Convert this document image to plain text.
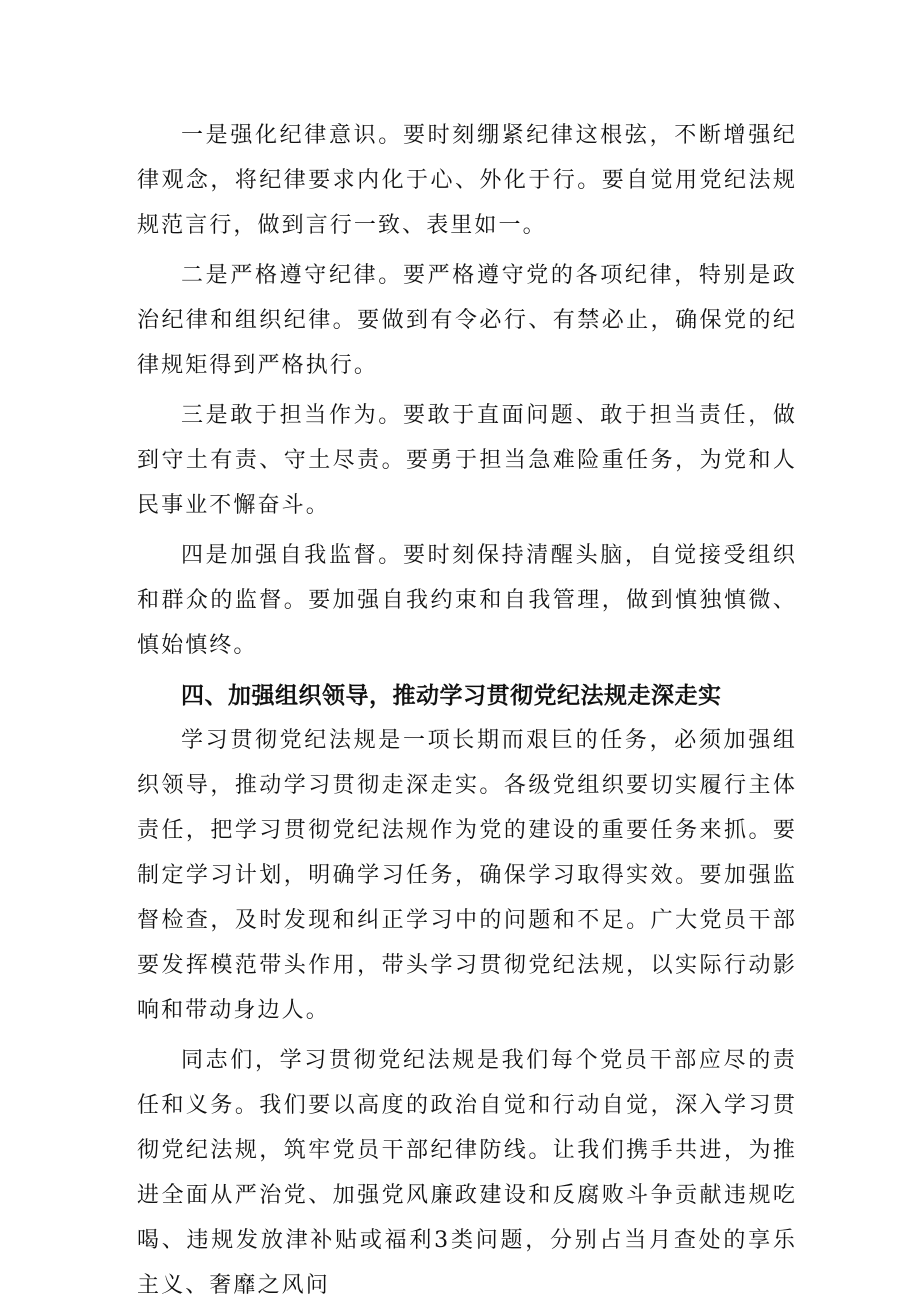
一是强化纪律意识。要时刻绷紧纪律这根弦，不断增强纪律观念，将纪律要求内化于心、外化于行。要自觉用党纪法规规范言行，做到言行一致、表里如一。

二是严格遵守纪律。要严格遵守党的各项纪律，特别是政治纪律和组织纪律。要做到有令必行、有禁必止，确保党的纪律规矩得到严格执行。

三是敢于担当作为。要敢于直面问题、敢于担当责任，做到守土有责、守土尽责。要勇于担当急难险重任务，为党和人民事业不懈奋斗。

四是加强自我监督。要时刻保持清醒头脑，自觉接受组织和群众的监督。要加强自我约束和自我管理，做到慎独慎微、慎始慎终。

四、加强组织领导，推动学习贯彻党纪法规走深走实

学习贯彻党纪法规是一项长期而艰巨的任务，必须加强组织领导，推动学习贯彻走深走实。各级党组织要切实履行主体责任，把学习贯彻党纪法规作为党的建设的重要任务来抓。要制定学习计划，明确学习任务，确保学习取得实效。要加强监督检查，及时发现和纠正学习中的问题和不足。广大党员干部要发挥模范带头作用，带头学习贯彻党纪法规，以实际行动影响和带动身边人。

同志们，学习贯彻党纪法规是我们每个党员干部应尽的责任和义务。我们要以高度的政治自觉和行动自觉，深入学习贯彻党纪法规，筑牢党员干部纪律防线。让我们携手共进，为推进全面从严治党、加强党风廉政建设和反腐败斗争贡献违规吃喝、违规发放津补贴或福利3类问题，分别占当月查处的享乐主义、奢靡之风问
